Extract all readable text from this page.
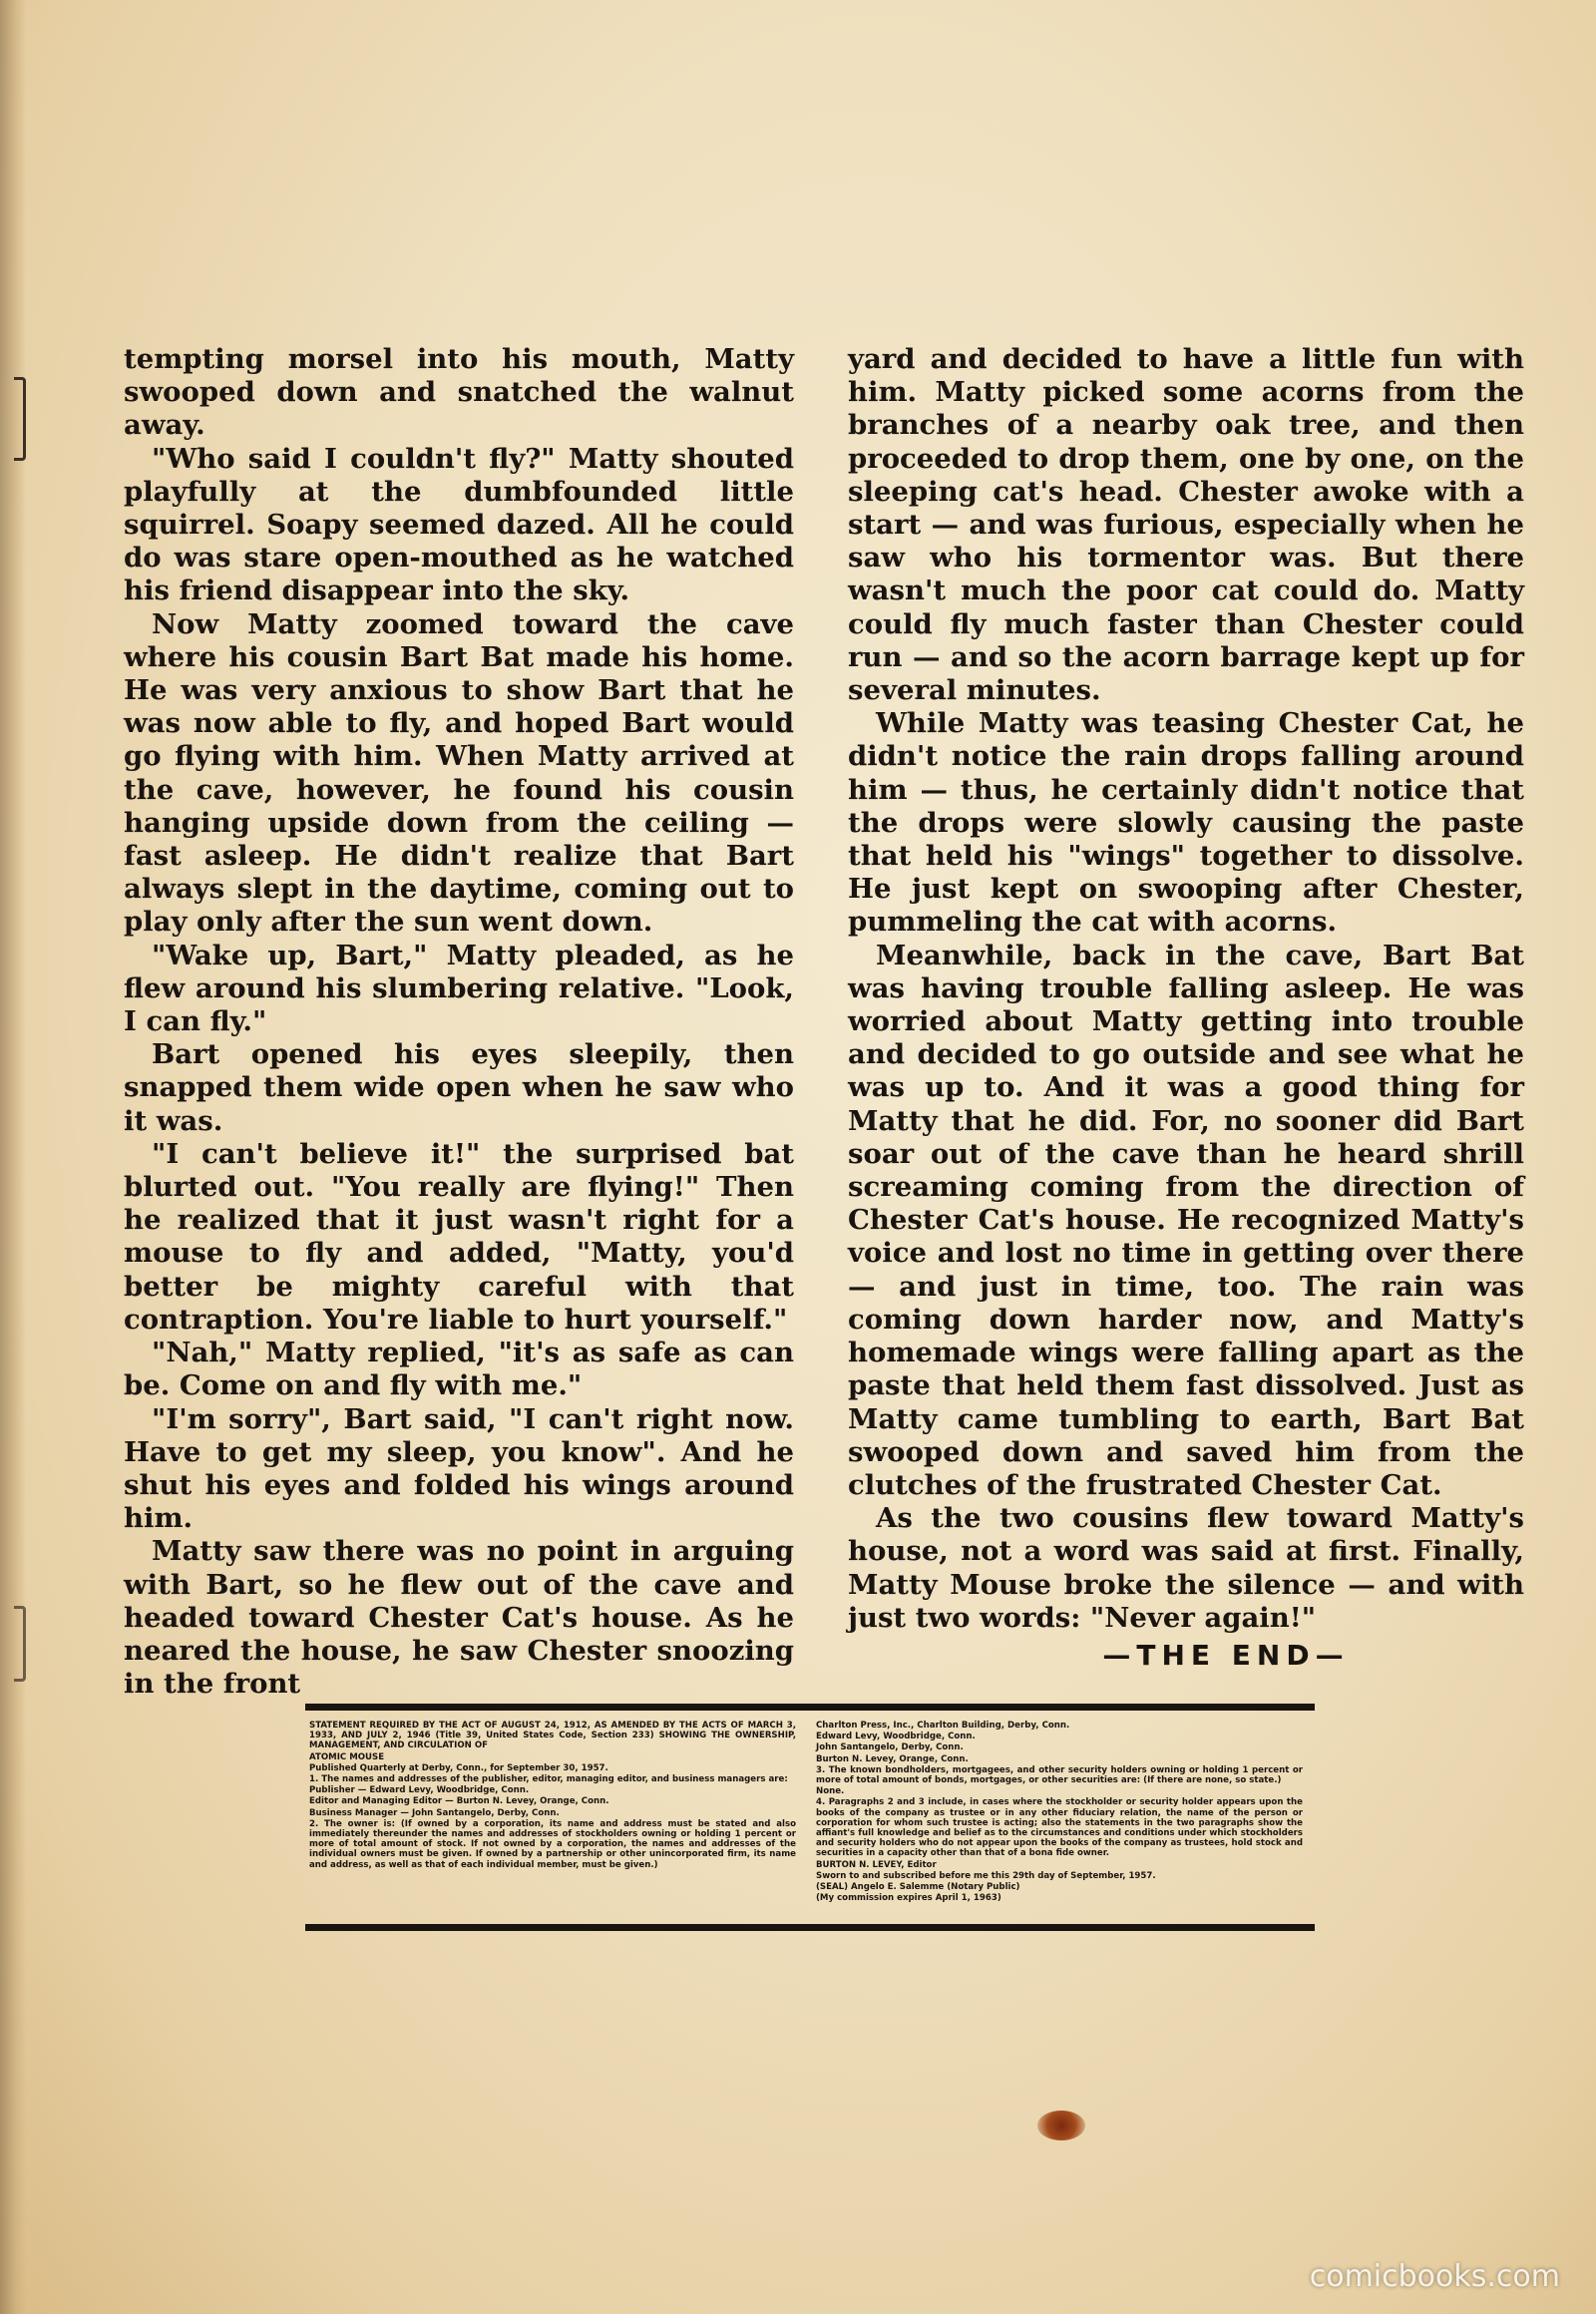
tempting morsel into his mouth, Matty swooped down and snatched the walnut away.

"Who said I couldn't fly?" Matty shouted playfully at the dumbfounded little squirrel. Soapy seemed dazed. All he could do was stare open-mouthed as he watched his friend disappear into the sky.

Now Matty zoomed toward the cave where his cousin Bart Bat made his home. He was very anxious to show Bart that he was now able to fly, and hoped Bart would go flying with him. When Matty arrived at the cave, however, he found his cousin hanging upside down from the ceiling — fast asleep. He didn't realize that Bart always slept in the daytime, coming out to play only after the sun went down.

"Wake up, Bart," Matty pleaded, as he flew around his slumbering relative. "Look, I can fly."

Bart opened his eyes sleepily, then snapped them wide open when he saw who it was.

"I can't believe it!" the surprised bat blurted out. "You really are flying!" Then he realized that it just wasn't right for a mouse to fly and added, "Matty, you'd better be mighty careful with that contraption. You're liable to hurt yourself."

"Nah," Matty replied, "it's as safe as can be. Come on and fly with me."

"I'm sorry", Bart said, "I can't right now. Have to get my sleep, you know". And he shut his eyes and folded his wings around him.

Matty saw there was no point in arguing with Bart, so he flew out of the cave and headed toward Chester Cat's house. As he neared the house, he saw Chester snoozing in the front

yard and decided to have a little fun with him. Matty picked some acorns from the branches of a nearby oak tree, and then proceeded to drop them, one by one, on the sleeping cat's head. Chester awoke with a start — and was furious, especially when he saw who his tormentor was. But there wasn't much the poor cat could do. Matty could fly much faster than Chester could run — and so the acorn barrage kept up for several minutes.

While Matty was teasing Chester Cat, he didn't notice the rain drops falling around him — thus, he certainly didn't notice that the drops were slowly causing the paste that held his "wings" together to dissolve. He just kept on swooping after Chester, pummeling the cat with acorns.

Meanwhile, back in the cave, Bart Bat was having trouble falling asleep. He was worried about Matty getting into trouble and decided to go outside and see what he was up to. And it was a good thing for Matty that he did. For, no sooner did Bart soar out of the cave than he heard shrill screaming coming from the direction of Chester Cat's house. He recognized Matty's voice and lost no time in getting over there — and just in time, too. The rain was coming down harder now, and Matty's homemade wings were falling apart as the paste that held them fast dissolved. Just as Matty came tumbling to earth, Bart Bat swooped down and saved him from the clutches of the frustrated Chester Cat.

As the two cousins flew toward Matty's house, not a word was said at first. Finally, Matty Mouse broke the silence — and with just two words: "Never again!"

—THE END—
STATEMENT REQUIRED BY THE ACT OF AUGUST 24, 1912, AS AMENDED BY THE ACTS OF MARCH 3, 1933, AND JULY 2, 1946 (Title 39, United States Code, Section 233) SHOWING THE OWNERSHIP, MANAGEMENT, AND CIRCULATION OF
ATOMIC MOUSE
Published Quarterly at Derby, Conn., for September 30, 1957.
1. The names and addresses of the publisher, editor, managing editor, and business managers are:
Publisher — Edward Levy, Woodbridge, Conn.
Editor and Managing Editor — Burton N. Levey, Orange, Conn.
Business Manager — John Santangelo, Derby, Conn.
2. The owner is: (If owned by a corporation, its name and address must be stated and also immediately thereunder the names and addresses of stockholders owning or holding 1 percent or more of total amount of stock. If not owned by a corporation, the names and addresses of the individual owners must be given. If owned by a partnership or other unincorporated firm, its name and address, as well as that of each individual member, must be given.)
Charlton Press, Inc., Charlton Building, Derby, Conn.
Edward Levy, Woodbridge, Conn.
John Santangelo, Derby, Conn.
Burton N. Levey, Orange, Conn.
3. The known bondholders, mortgagees, and other security holders owning or holding 1 percent or more of total amount of bonds, mortgages, or other securities are: (If there are none, so state.)
None.
4. Paragraphs 2 and 3 include, in cases where the stockholder or security holder appears upon the books of the company as trustee or in any other fiduciary relation, the name of the person or corporation for whom such trustee is acting; also the statements in the two paragraphs show the affiant's full knowledge and belief as to the circumstances and conditions under which stockholders and security holders who do not appear upon the books of the company as trustees, hold stock and securities in a capacity other than that of a bona fide owner.
BURTON N. LEVEY, Editor
Sworn to and subscribed before me this 29th day of September, 1957.
(SEAL) Angelo E. Salemme (Notary Public)
(My commission expires April 1, 1963)
comicbooks.com
